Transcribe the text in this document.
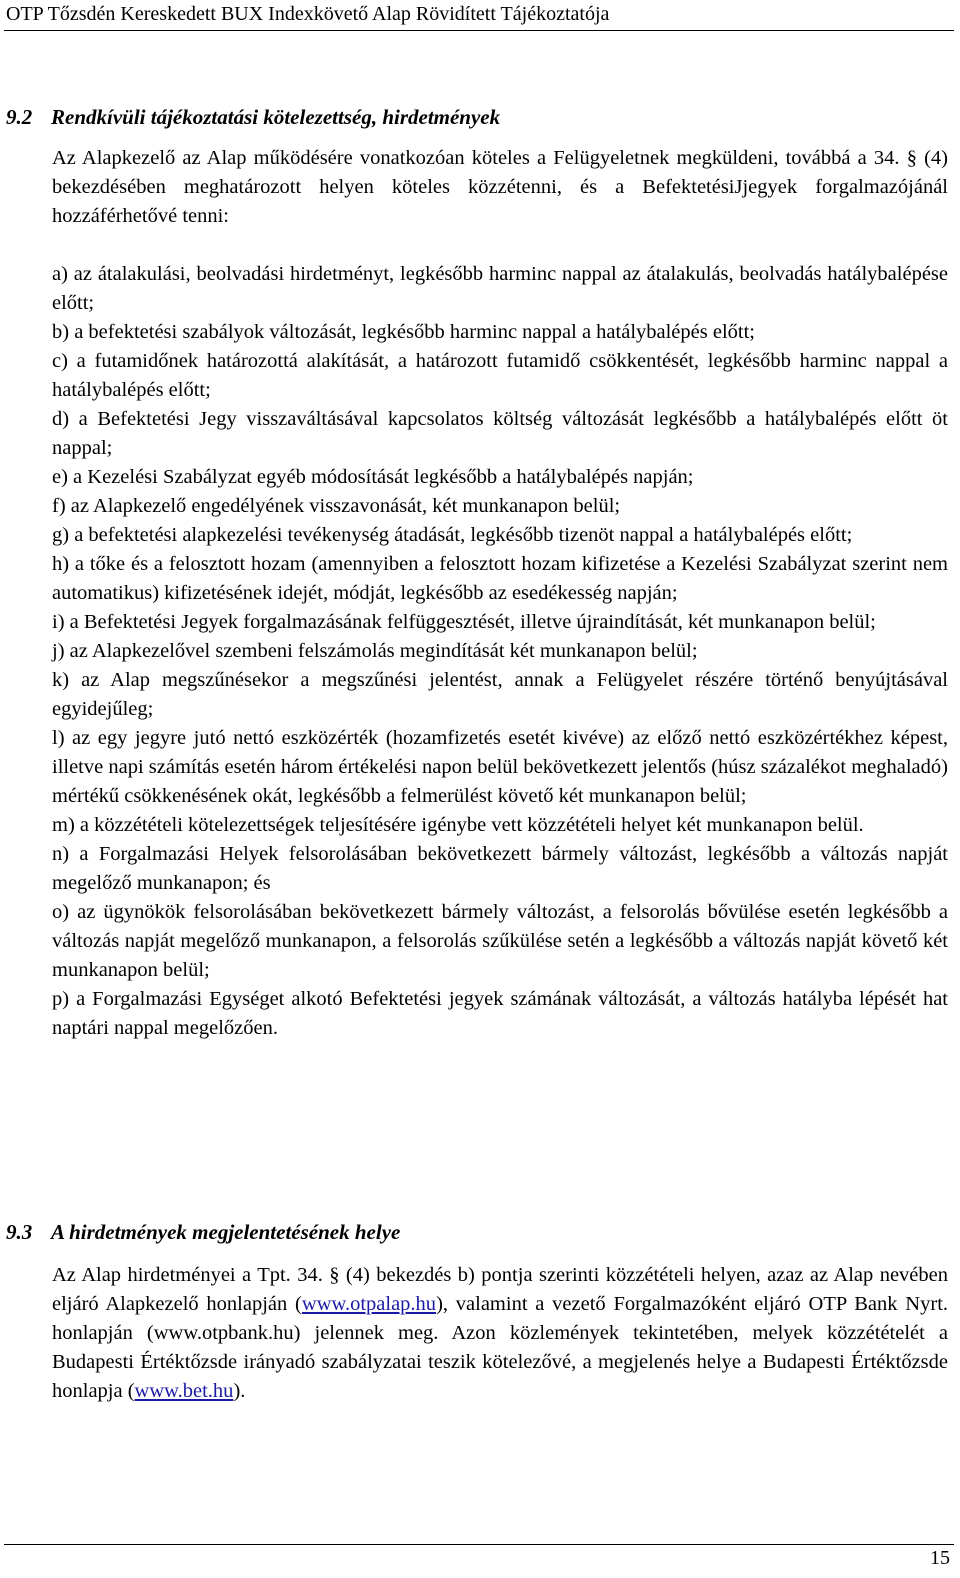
OTP Tőzsdén Kereskedett BUX Indexkövető Alap Rövidített Tájékoztatója
9.2 Rendkívüli tájékoztatási kötelezettség, hirdetmények

Az Alapkezelő az Alap működésére vonatkozóan köteles a Felügyeletnek megküldeni, továbbá a 34. § (4) bekezdésében meghatározott helyen köteles közzétenni, és a BefektetésiJjegyek forgalmazójánál hozzáférhetővé tenni:

a) az átalakulási, beolvadási hirdetményt, legkésőbb harminc nappal az átalakulás, beolvadás hatálybalépése előtt;

b) a befektetési szabályok változását, legkésőbb harminc nappal a hatálybalépés előtt;

c) a futamidőnek határozottá alakítását, a határozott futamidő csökkentését, legkésőbb harminc nappal a hatálybalépés előtt;

d) a Befektetési Jegy visszaváltásával kapcsolatos költség változását legkésőbb a hatálybalépés előtt öt nappal;

e) a Kezelési Szabályzat egyéb módosítását legkésőbb a hatálybalépés napján;

f) az Alapkezelő engedélyének visszavonását, két munkanapon belül;

g) a befektetési alapkezelési tevékenység átadását, legkésőbb tizenöt nappal a hatálybalépés előtt;

h) a tőke és a felosztott hozam (amennyiben a felosztott hozam kifizetése a Kezelési Szabályzat szerint nem automatikus) kifizetésének idejét, módját, legkésőbb az esedékesség napján;

i) a Befektetési Jegyek forgalmazásának felfüggesztését, illetve újraindítását, két munkanapon belül;

j) az Alapkezelővel szembeni felszámolás megindítását két munkanapon belül;

k) az Alap megszűnésekor a megszűnési jelentést, annak a Felügyelet részére történő benyújtásával egyidejűleg;

l) az egy jegyre jutó nettó eszközérték (hozamfizetés esetét kivéve) az előző nettó eszközértékhez képest, illetve napi számítás esetén három értékelési napon belül bekövetkezett jelentős (húsz százalékot meghaladó) mértékű csökkenésének okát, legkésőbb a felmerülést követő két munkanapon belül;

m) a közzétételi kötelezettségek teljesítésére igénybe vett közzétételi helyet két munkanapon belül.

n) a Forgalmazási Helyek felsorolásában bekövetkezett bármely változást, legkésőbb a változás napját megelőző munkanapon; és

o) az ügynökök felsorolásában bekövetkezett bármely változást, a felsorolás bővülése esetén legkésőbb a változás napját megelőző munkanapon, a felsorolás szűkülése setén a legkésőbb a változás napját követő két munkanapon belül;

p) a Forgalmazási Egységet alkotó Befektetési jegyek számának változását, a változás hatályba lépését hat naptári nappal megelőzően.

9.3 A hirdetmények megjelentetésének helye

Az Alap hirdetményei a Tpt. 34. § (4) bekezdés b) pontja szerinti közzétételi helyen, azaz az Alap nevében eljáró Alapkezelő honlapján (www.otpalap.hu), valamint a vezető Forgalmazóként eljáró OTP Bank Nyrt. honlapján (www.otpbank.hu) jelennek meg. Azon közlemények tekintetében, melyek közzétételét a Budapesti Értéktőzsde irányadó szabályzatai teszik kötelezővé, a megjelenés helye a Budapesti Értéktőzsde honlapja (www.bet.hu).

15
